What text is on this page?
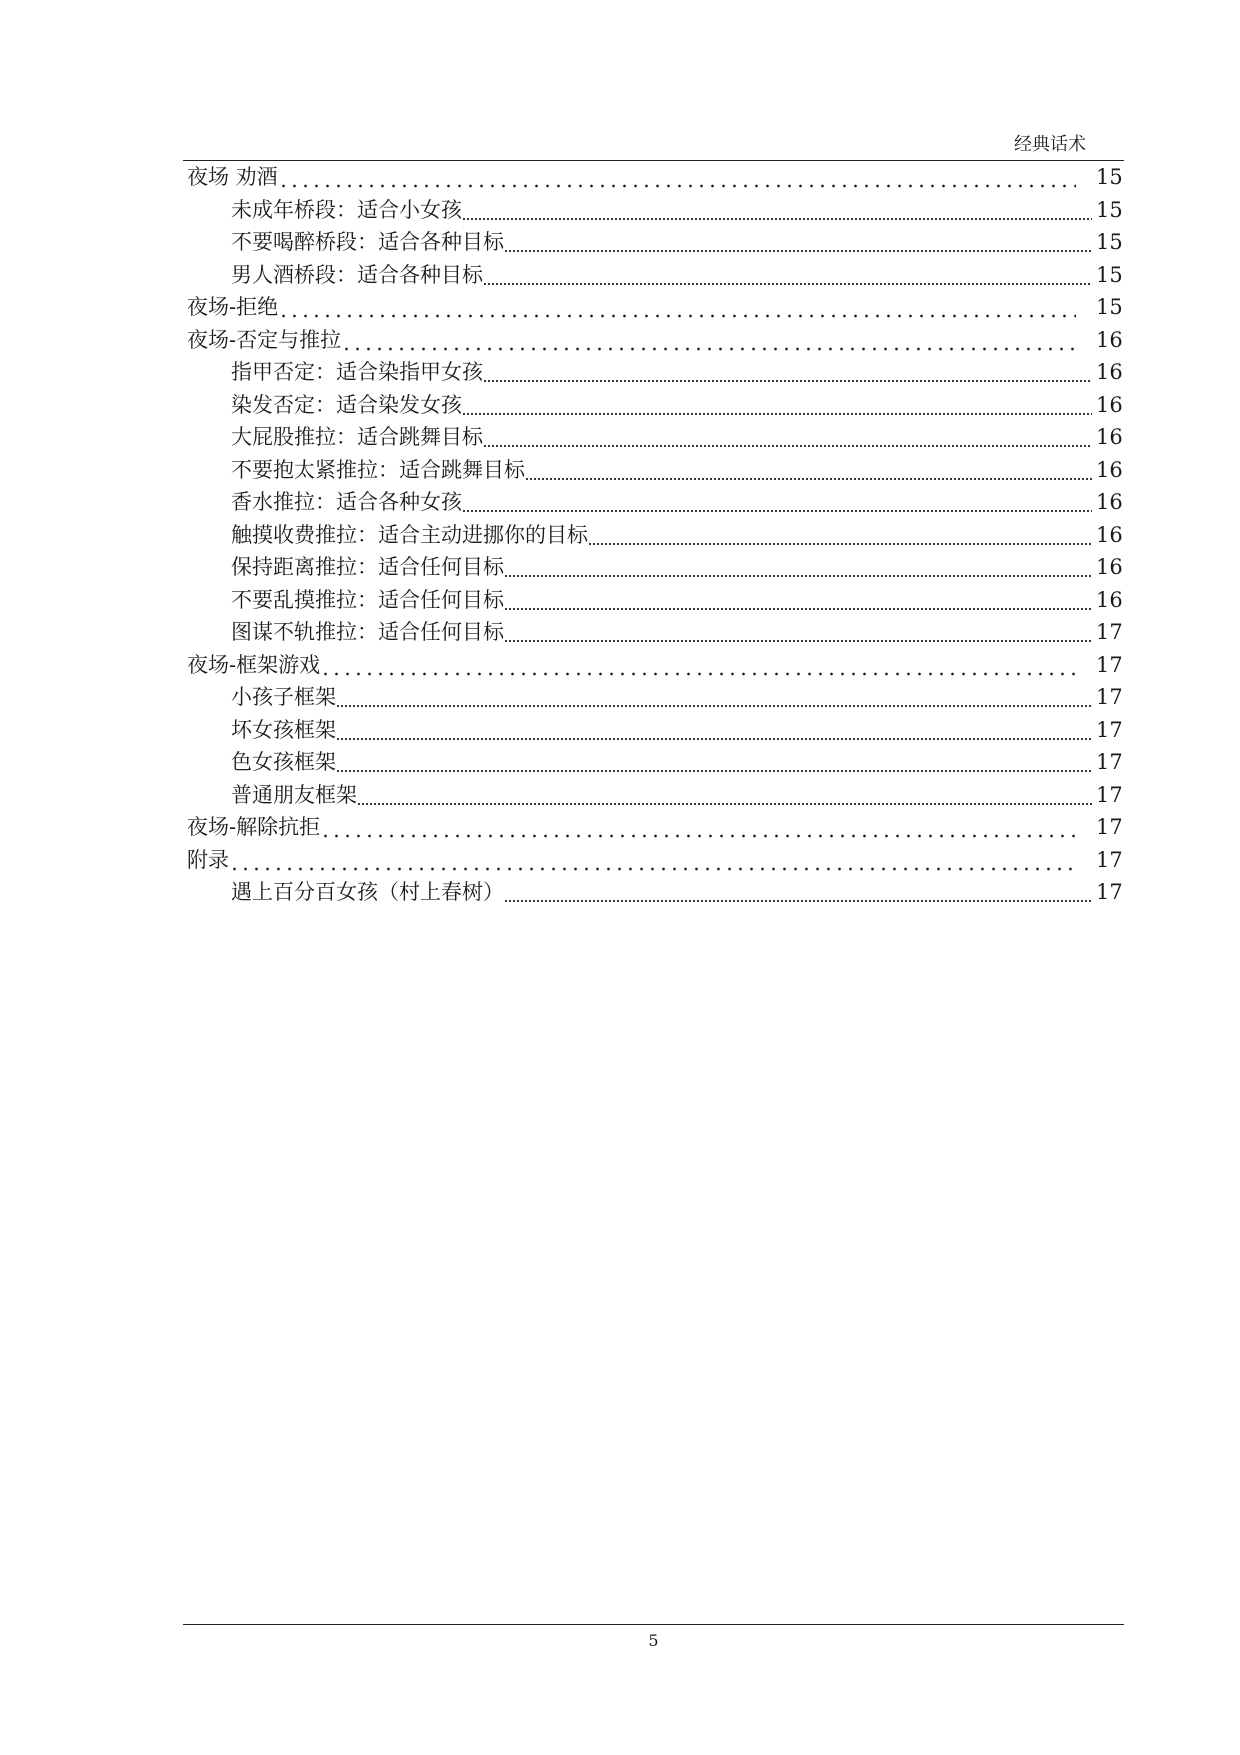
经典话术
夜场 劝酒	15
未成年桥段：适合小女孩	15
不要喝醉桥段：适合各种目标	15
男人酒桥段：适合各种目标	15
夜场-拒绝	15
夜场-否定与推拉	16
指甲否定：适合染指甲女孩	16
染发否定：适合染发女孩	16
大屁股推拉：适合跳舞目标	16
不要抱太紧推拉：适合跳舞目标	16
香水推拉：适合各种女孩	16
触摸收费推拉：适合主动进挪你的目标	16
保持距离推拉：适合任何目标	16
不要乱摸推拉：适合任何目标	16
图谋不轨推拉：适合任何目标	17
夜场-框架游戏	17
小孩子框架	17
坏女孩框架	17
色女孩框架	17
普通朋友框架	17
夜场-解除抗拒	17
附录	17
遇上百分百女孩（村上春树）	17
5
